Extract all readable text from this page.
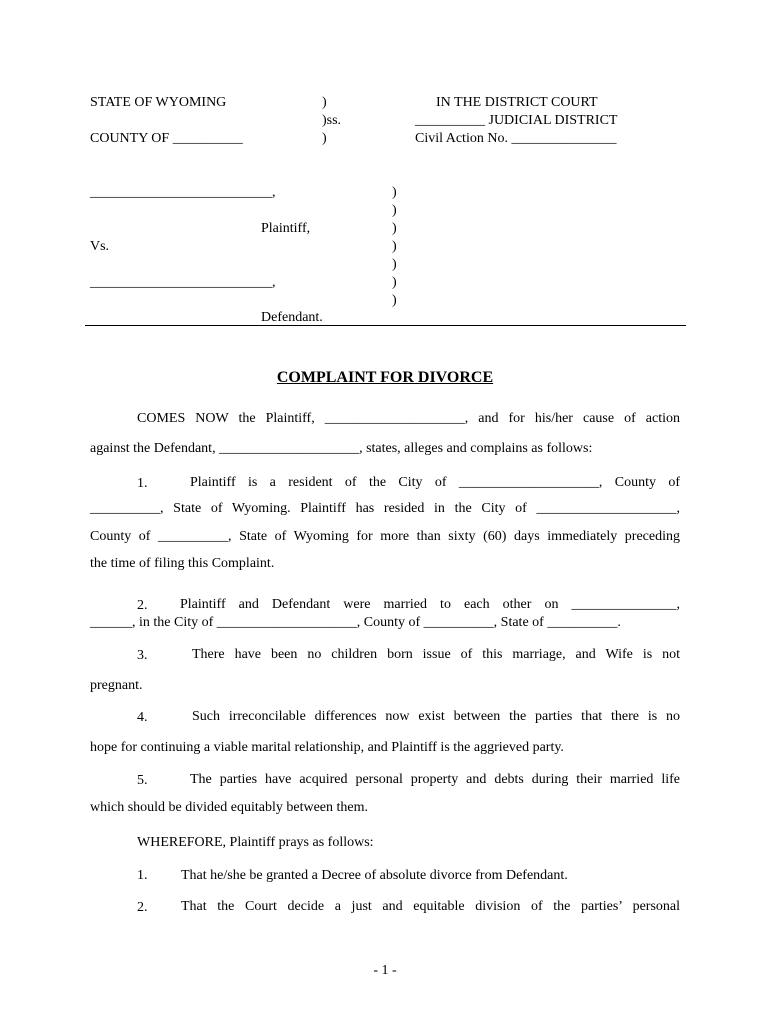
STATE OF WYOMING
COUNTY OF __________
)
)ss.
)
IN THE DISTRICT COURT
__________ JUDICIAL DISTRICT
Civil Action No. _______________
__________________________,
Plaintiff,
Vs.
__________________________,
Defendant.
)
)
)
)
)
)
)
COMPLAINT FOR DIVORCE
COMES NOW the Plaintiff, ____________________, and for his/her cause of action
against the Defendant, ____________________, states, alleges and complains as follows:
1.	Plaintiff is a resident of the City of ____________________, County of
__________, State of Wyoming. Plaintiff has resided in the City of ____________________,
County of __________, State of Wyoming for more than sixty (60) days immediately preceding
the time of filing this Complaint.
2. Plaintiff and Defendant were married to each other on _______________,
______, in the City of ____________________, County of __________, State of __________.
3.	There have been no children born issue of this marriage, and Wife is not
pregnant.
4.	Such irreconcilable differences now exist between the parties that there is no
hope for continuing a viable marital relationship, and Plaintiff is the aggrieved party.
5.	The parties have acquired personal property and debts during their married life
which should be divided equitably between them.
WHEREFORE, Plaintiff prays as follows:
1. That he/she be granted a Decree of absolute divorce from Defendant.
2. That the Court decide a just and equitable division of the parties’ personal
- 1 -
